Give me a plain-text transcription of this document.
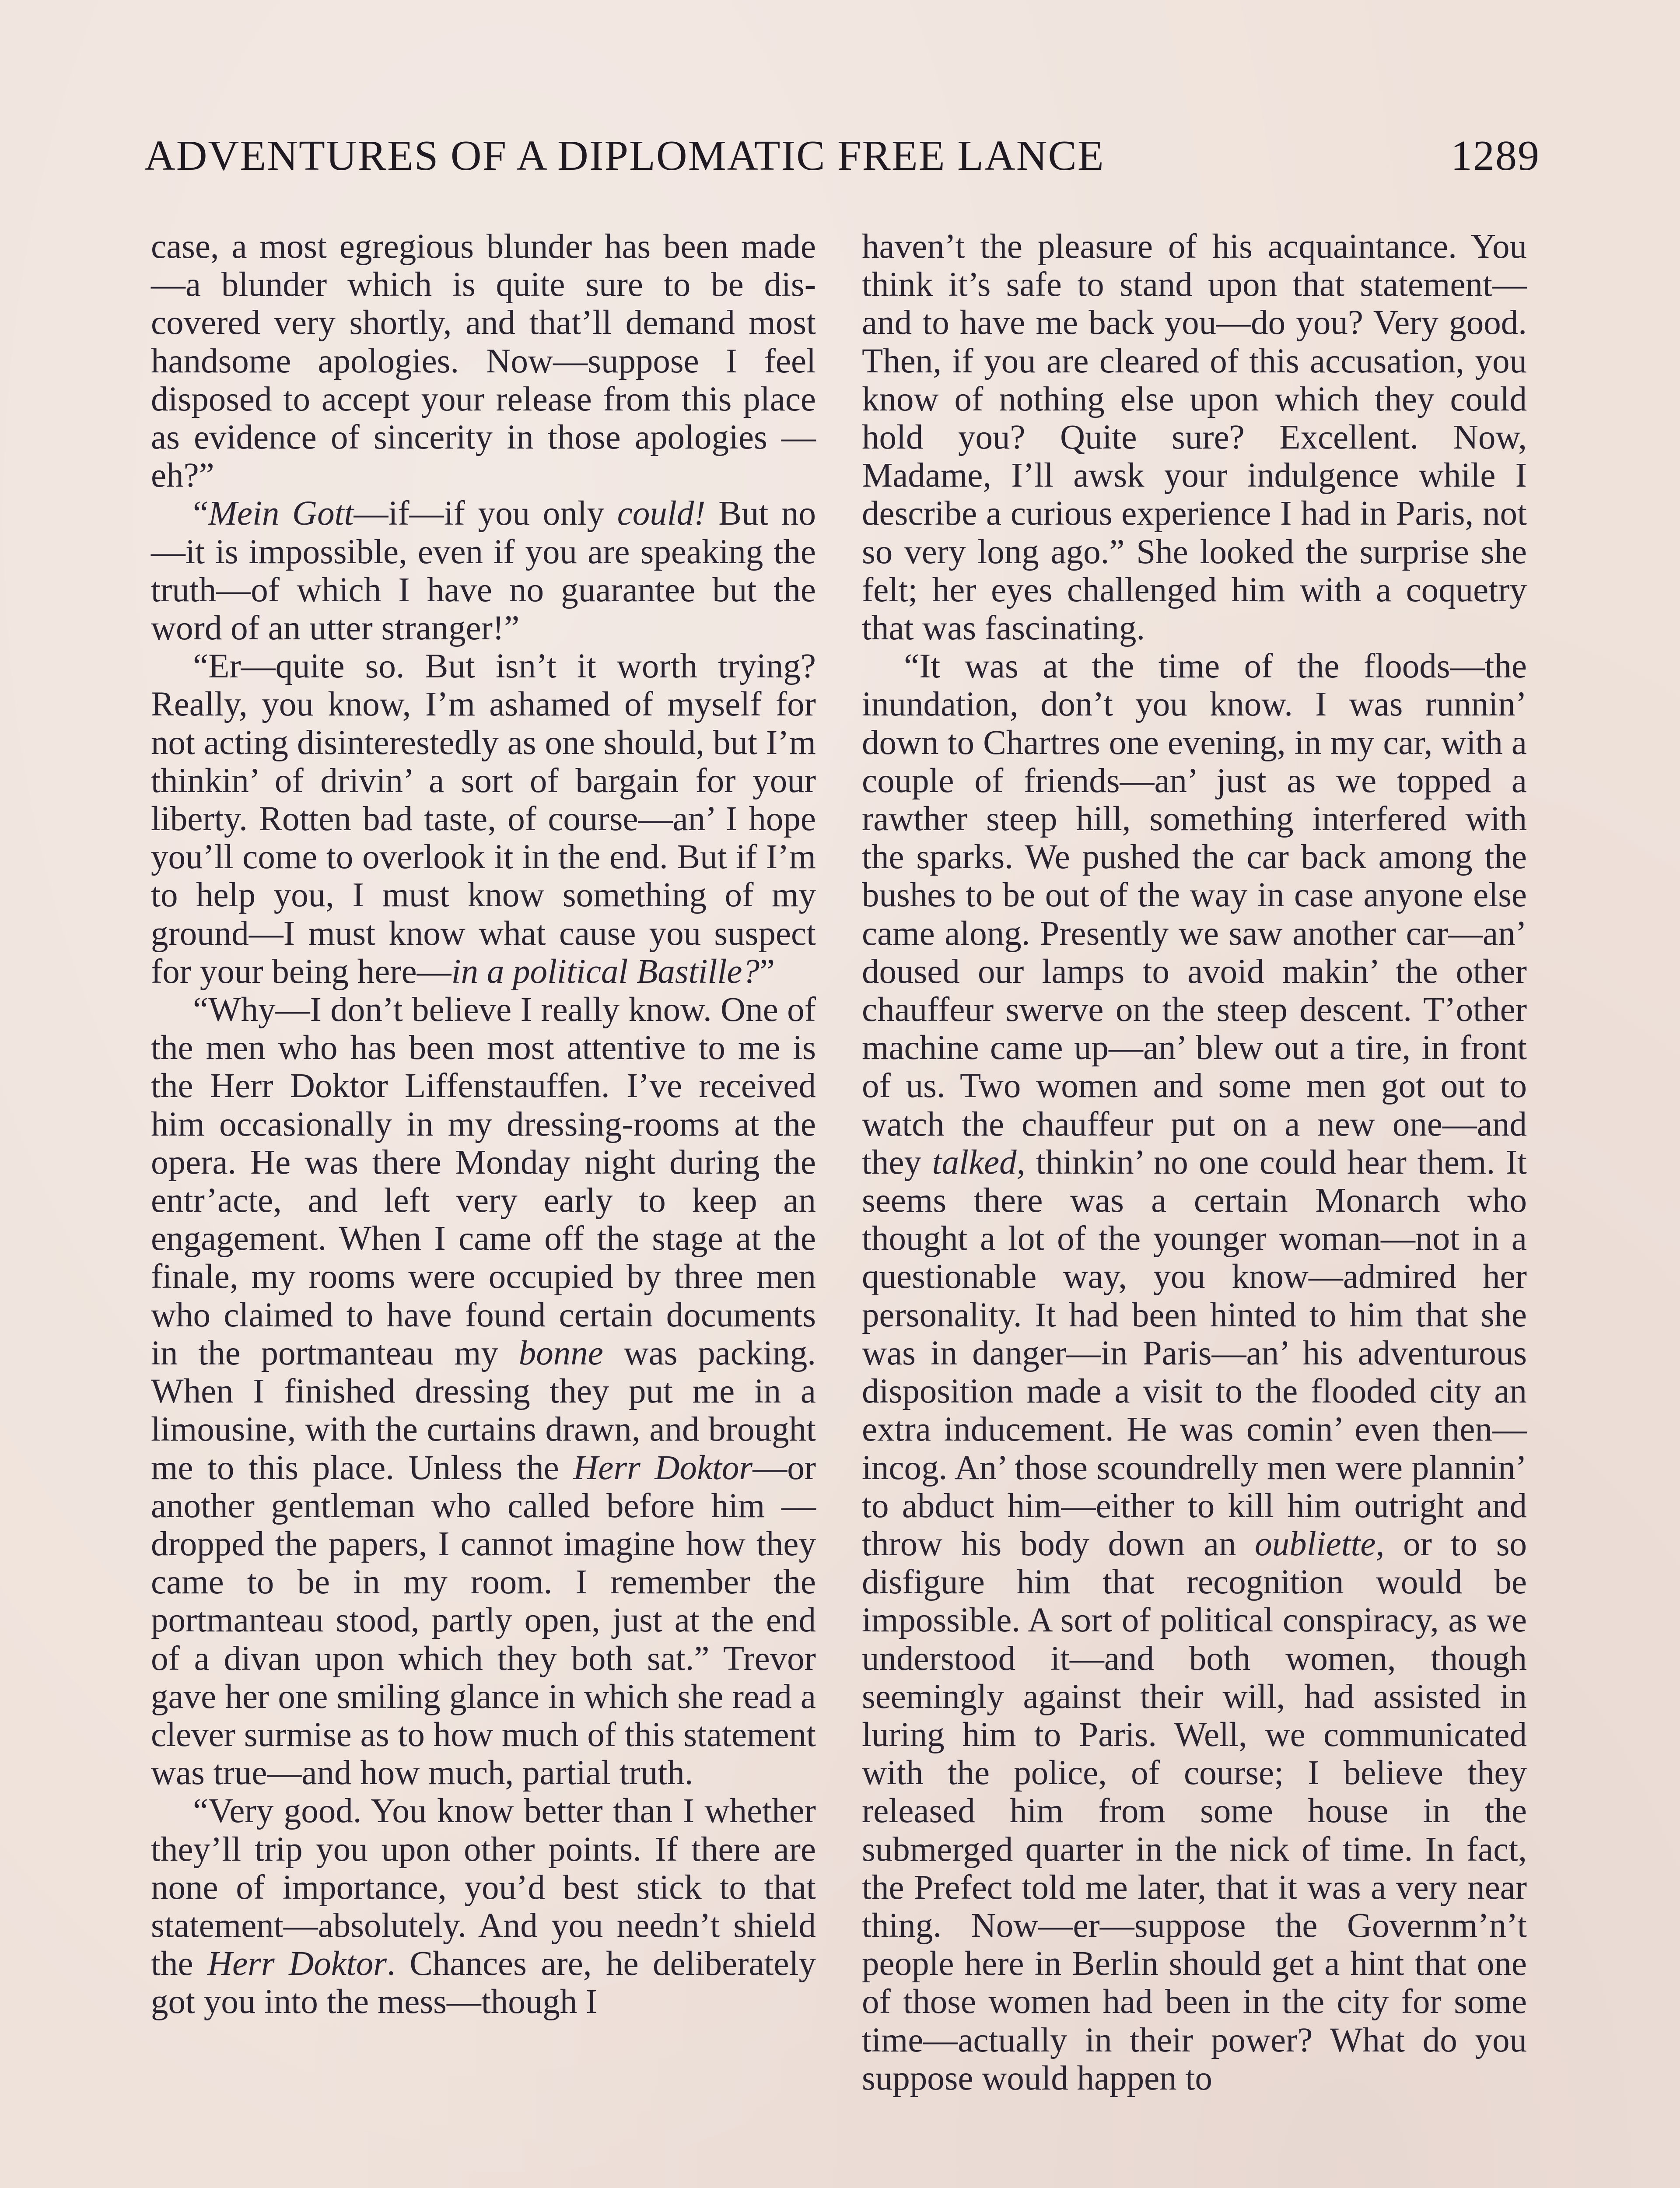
ADVENTURES OF A DIPLOMATIC FREE LANCE	1289

case, a most egregious blunder has been made—a blunder which is quite sure to be discovered very shortly, and that’ll demand most handsome apologies. Now—suppose I feel disposed to accept your release from this place as evidence of sincerity in those apologies —eh?”

“Mein Gott—if—if you only could! But no—it is impossible, even if you are speaking the truth—of which I have no guarantee but the word of an utter stranger!”

“Er—quite so. But isn’t it worth trying? Really, you know, I’m ashamed of myself for not acting disinterestedly as one should, but I’m thinkin’ of drivin’ a sort of bargain for your liberty. Rotten bad taste, of course—an’ I hope you’ll come to overlook it in the end. But if I’m to help you, I must know something of my ground—I must know what cause you suspect for your being here—in a political Bastille?”

“Why—I don’t believe I really know. One of the men who has been most attentive to me is the Herr Doktor Liffenstauffen. I’ve received him occasionally in my dressing-rooms at the opera. He was there Monday night during the entr’acte, and left very early to keep an engagement. When I came off the stage at the finale, my rooms were occupied by three men who claimed to have found certain documents in the portmanteau my bonne was packing. When I finished dressing they put me in a limousine, with the curtains drawn, and brought me to this place. Unless the Herr Doktor—or another gentleman who called before him —dropped the papers, I cannot imagine how they came to be in my room. I remember the portmanteau stood, partly open, just at the end of a divan upon which they both sat.” Trevor gave her one smiling glance in which she read a clever surmise as to how much of this statement was true—and how much, partial truth.

“Very good. You know better than I whether they’ll trip you upon other points. If there are none of importance, you’d best stick to that statement—absolutely. And you needn’t shield the Herr Doktor. Chances are, he deliberately got you into the mess—though I

haven’t the pleasure of his acquaintance. You think it’s safe to stand upon that statement—and to have me back you—do you? Very good. Then, if you are cleared of this accusation, you know of nothing else upon which they could hold you? Quite sure? Excellent. Now, Madame, I’ll awsk your indulgence while I describe a curious experience I had in Paris, not so very long ago.” She looked the surprise she felt; her eyes challenged him with a coquetry that was fascinating.

“It was at the time of the floods—the inundation, don’t you know. I was runnin’ down to Chartres one evening, in my car, with a couple of friends—an’ just as we topped a rawther steep hill, something interfered with the sparks. We pushed the car back among the bushes to be out of the way in case anyone else came along. Presently we saw another car—an’ doused our lamps to avoid makin’ the other chauffeur swerve on the steep descent. T’other machine came up—an’ blew out a tire, in front of us. Two women and some men got out to watch the chauffeur put on a new one—and they talked, thinkin’ no one could hear them. It seems there was a certain Monarch who thought a lot of the younger woman—not in a questionable way, you know—admired her personality. It had been hinted to him that she was in danger—in Paris—an’ his adventurous disposition made a visit to the flooded city an extra inducement. He was comin’ even then—incog. An’ those scoundrelly men were plannin’ to abduct him—either to kill him outright and throw his body down an oubliette, or to so disfigure him that recognition would be impossible. A sort of political conspiracy, as we understood it—and both women, though seemingly against their will, had assisted in luring him to Paris. Well, we communicated with the police, of course; I believe they released him from some house in the submerged quarter in the nick of time. In fact, the Prefect told me later, that it was a very near thing. Now—er—suppose the Governm’n’t people here in Berlin should get a hint that one of those women had been in the city for some time—actually in their power? What do you suppose would happen to
